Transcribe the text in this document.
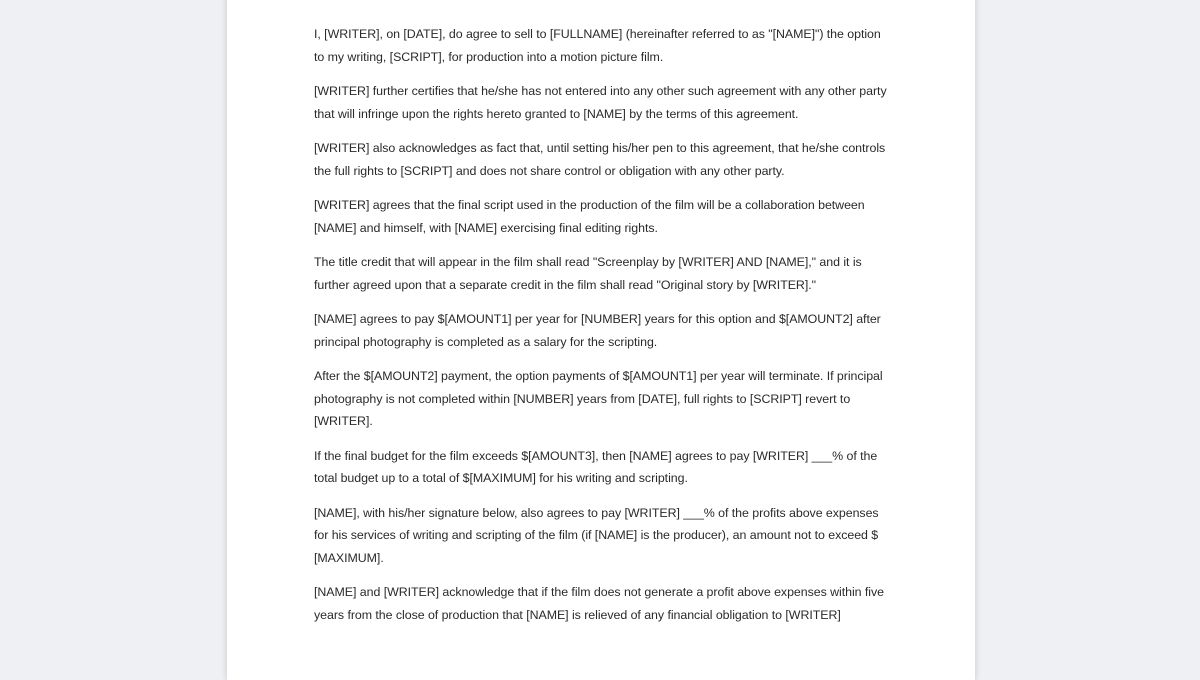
I, [WRITER], on [DATE], do agree to sell to [FULLNAME] (hereinafter referred to as "[NAME]") the option to my writing, [SCRIPT], for production into a motion picture film.

[WRITER] further certifies that he/she has not entered into any other such agreement with any other party that will infringe upon the rights hereto granted to [NAME] by the terms of this agreement.

[WRITER] also acknowledges as fact that, until setting his/her pen to this agreement, that he/she controls the full rights to [SCRIPT] and does not share control or obligation with any other party.

[WRITER] agrees that the final script used in the production of the film will be a collaboration between [NAME] and himself, with [NAME] exercising final editing rights.

The title credit that will appear in the film shall read "Screenplay by [WRITER] AND [NAME]," and it is further agreed upon that a separate credit in the film shall read "Original story by [WRITER]."

[NAME] agrees to pay $[AMOUNT1] per year for [NUMBER] years for this option and $[AMOUNT2] after principal photography is completed as a salary for the scripting.

After the $[AMOUNT2] payment, the option payments of $[AMOUNT1] per year will terminate. If principal photography is not completed within [NUMBER] years from [DATE], full rights to [SCRIPT] revert to [WRITER].

If the final budget for the film exceeds $[AMOUNT3], then [NAME] agrees to pay [WRITER] ___% of the total budget up to a total of $[MAXIMUM] for his writing and scripting.

[NAME], with his/her signature below, also agrees to pay [WRITER] ___% of the profits above expenses for his services of writing and scripting of the film (if [NAME] is the producer), an amount not to exceed $ [MAXIMUM].

[NAME] and [WRITER] acknowledge that if the film does not generate a profit above expenses within five years from the close of production that [NAME] is relieved of any financial obligation to [WRITER]
